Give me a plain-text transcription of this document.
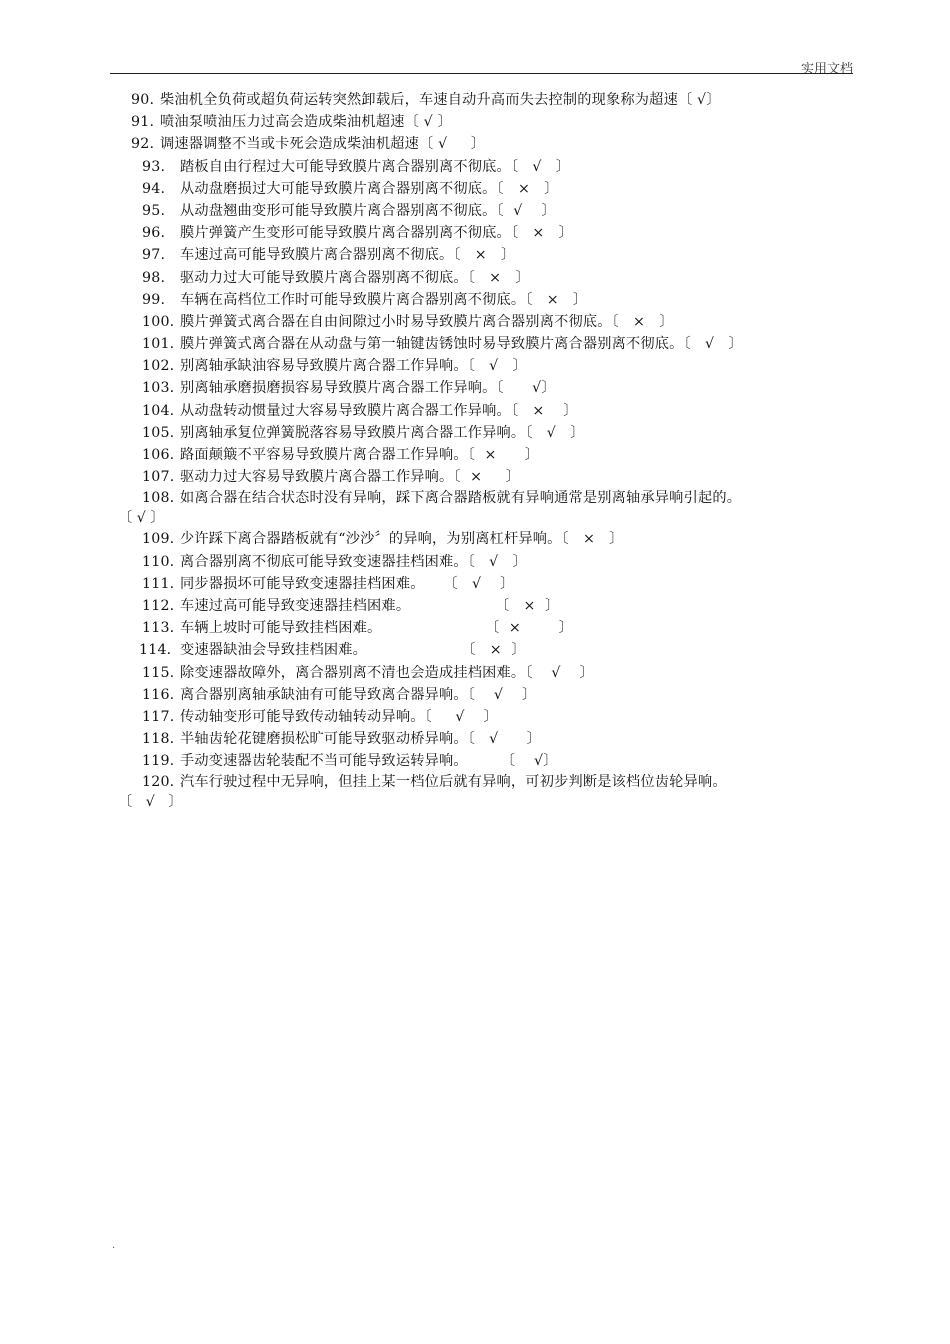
实用文档
90. 柴油机全负荷或超负荷运转突然卸载后，车速自动升高而失去控制的现象称为超速〔 √〕
91. 喷油泵喷油压力过高会造成柴油机超速〔 √ 〕
92. 调速器调整不当或卡死会造成柴油机超速〔 √     〕
93. 踏板自由行程过大可能导致膜片离合器别离不彻底。〔   √   〕
94. 从动盘磨损过大可能导致膜片离合器别离不彻底。〔   ×   〕
95. 从动盘翘曲变形可能导致膜片离合器别离不彻底。〔  √    〕
96. 膜片弹簧产生变形可能导致膜片离合器别离不彻底。〔   ×   〕
97. 车速过高可能导致膜片离合器别离不彻底。〔   ×   〕
98. 驱动力过大可能导致膜片离合器别离不彻底。〔   ×   〕
99. 车辆在高档位工作时可能导致膜片离合器别离不彻底。〔   ×   〕
100. 膜片弹簧式离合器在自由间隙过小时易导致膜片离合器别离不彻底。〔   ×   〕
101. 膜片弹簧式离合器在从动盘与第一轴键齿锈蚀时易导致膜片离合器别离不彻底。〔   √   〕
102. 别离轴承缺油容易导致膜片离合器工作异响。〔   √   〕
103. 别离轴承磨损磨损容易导致膜片离合器工作异响。〔      √〕
104. 从动盘转动惯量过大容易导致膜片离合器工作异响。〔   ×    〕
105. 别离轴承复位弹簧脱落容易导致膜片离合器工作异响。〔   √   〕
106. 路面颠簸不平容易导致膜片离合器工作异响。〔  ×      〕
107. 驱动力过大容易导致膜片离合器工作异响。〔  ×     〕
108. 如离合器在结合状态时没有异响，踩下离合器踏板就有异响通常是别离轴承异响引起的。
〔 √ 〕
109. 少许踩下离合器踏板就有“沙沙〞的异响，为别离杠杆异响。〔   ×   〕
110. 离合器别离不彻底可能导致变速器挂档困难。〔   √   〕
111. 同步器损坏可能导致变速器挂档困难。    〔   √    〕
112. 车速过高可能导致变速器挂档困难。                  〔   ×  〕
113. 车辆上坡时可能导致挂档困难。                      〔  ×        〕
114. 变速器缺油会导致挂档困难。                    〔   ×  〕
115. 除变速器故障外，离合器别离不清也会造成挂档困难。〔    √    〕
116. 离合器别离轴承缺油有可能导致离合器异响。〔    √    〕
117. 传动轴变形可能导致传动轴转动异响。〔     √    〕
118. 半轴齿轮花键磨损松旷可能导致驱动桥异响。〔   √      〕
119. 手动变速器齿轮装配不当可能导致运转异响。       〔    √〕
120. 汽车行驶过程中无异响，但挂上某一档位后就有异响，可初步判断是该档位齿轮异响。
〔   √   〕
.
